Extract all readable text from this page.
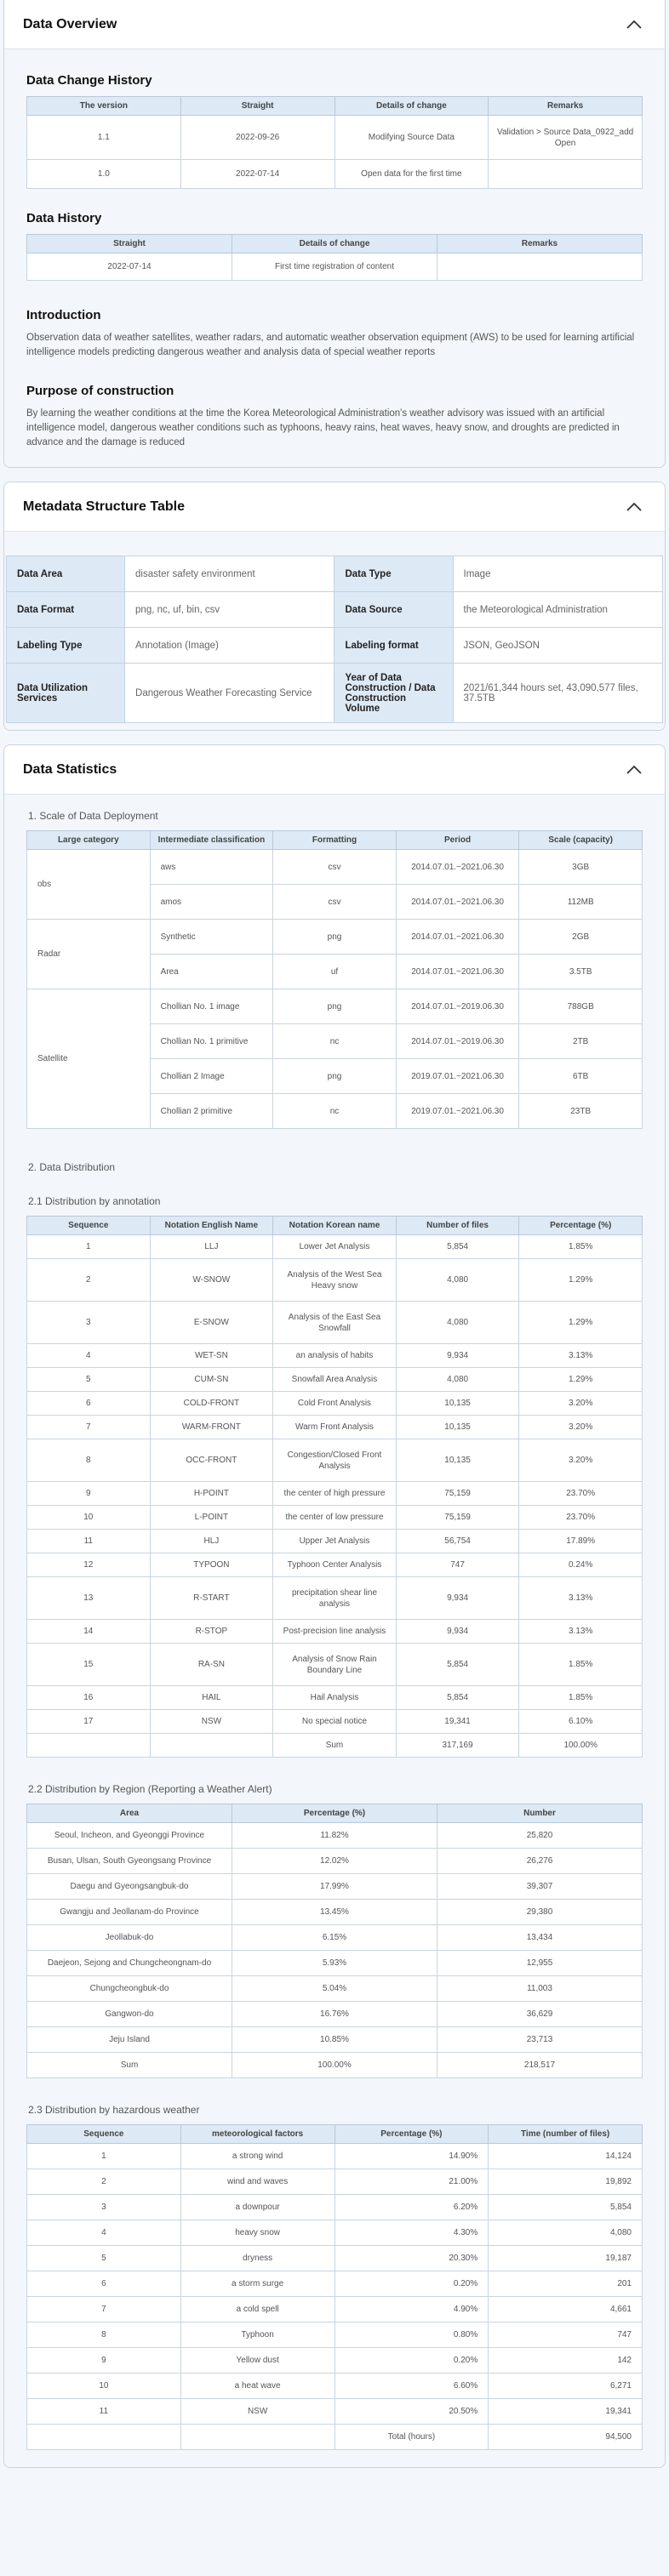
Data Overview
Data Change History
The version	Straight	Details of change	Remarks
1.1	2022-09-26	Modifying Source Data	Validation > Source Data_0922_add Open
1.0	2022-07-14	Open data for the first time	
Data History
Straight	Details of change	Remarks
2022-07-14	First time registration of content	
Introduction

Observation data of weather satellites, weather radars, and automatic weather observation equipment (AWS) to be used for learning artificial intelligence models predicting dangerous weather and analysis data of special weather reports

Purpose of construction

By learning the weather conditions at the time the Korea Meteorological Administration's weather advisory was issued with an artificial intelligence model, dangerous weather conditions such as typhoons, heavy rains, heat waves, heavy snow, and droughts are predicted in advance and the damage is reduced

Metadata Structure Table
Data Area	disaster safety environment	Data Type	Image
Data Format	png, nc, uf, bin, csv	Data Source	the Meteorological Administration
Labeling Type	Annotation (Image)	Labeling format	JSON, GeoJSON
Data Utilization Services	Dangerous Weather Forecasting Service	Year of Data Construction / Data Construction Volume	2021/61,344 hours set, 43,090,577 files, 37.5TB
Data Statistics
1. Scale of Data Deployment
Large category	Intermediate classification	Formatting	Period	Scale (capacity)
obs	aws	csv	2014.07.01.~2021.06.30	3GB
	amos	csv	2014.07.01.~2021.06.30	112MB
Radar	Synthetic	png	2014.07.01.~2021.06.30	2GB
	Area	uf	2014.07.01.~2021.06.30	3.5TB
Satellite	Chollian No. 1 image	png	2014.07.01.~2019.06.30	788GB
	Chollian No. 1 primitive	nc	2014.07.01.~2019.06.30	2TB
	Chollian 2 Image	png	2019.07.01.~2021.06.30	6TB
	Chollian 2 primitive	nc	2019.07.01.~2021.06.30	23TB
2. Data Distribution
2.1 Distribution by annotation
Sequence	Notation English Name	Notation Korean name	Number of files	Percentage (%)
1	LLJ	Lower Jet Analysis	5,854	1.85%
2	W-SNOW	Analysis of the West Sea Heavy snow	4,080	1.29%
3	E-SNOW	Analysis of the East Sea Snowfall	4,080	1.29%
4	WET-SN	an analysis of habits	9,934	3.13%
5	CUM-SN	Snowfall Area Analysis	4,080	1.29%
6	COLD-FRONT	Cold Front Analysis	10,135	3.20%
7	WARM-FRONT	Warm Front Analysis	10,135	3.20%
8	OCC-FRONT	Congestion/Closed Front Analysis	10,135	3.20%
9	H-POINT	the center of high pressure	75,159	23.70%
10	L-POINT	the center of low pressure	75,159	23.70%
11	HLJ	Upper Jet Analysis	56,754	17.89%
12	TYPOON	Typhoon Center Analysis	747	0.24%
13	R-START	precipitation shear line analysis	9,934	3.13%
14	R-STOP	Post-precision line analysis	9,934	3.13%
15	RA-SN	Analysis of Snow Rain Boundary Line	5,854	1.85%
16	HAIL	Hail Analysis	5,854	1.85%
17	NSW	No special notice	19,341	6.10%
		Sum	317,169	100.00%
2.2 Distribution by Region (Reporting a Weather Alert)
Area	Percentage (%)	Number
Seoul, Incheon, and Gyeonggi Province	11.82%	25,820
Busan, Ulsan, South Gyeongsang Province	12.02%	26,276
Daegu and Gyeongsangbuk-do	17.99%	39,307
Gwangju and Jeollanam-do Province	13.45%	29,380
Jeollabuk-do	6.15%	13,434
Daejeon, Sejong and Chungcheongnam-do	5.93%	12,955
Chungcheongbuk-do	5.04%	11,003
Gangwon-do	16.76%	36,629
Jeju Island	10.85%	23,713
Sum	100.00%	218,517
2.3 Distribution by hazardous weather
Sequence	meteorological factors	Percentage (%)	Time (number of files)
1	a strong wind	14.90%	14,124
2	wind and waves	21.00%	19,892
3	a downpour	6.20%	5,854
4	heavy snow	4.30%	4,080
5	dryness	20.30%	19,187
6	a storm surge	0.20%	201
7	a cold spell	4.90%	4,661
8	Typhoon	0.80%	747
9	Yellow dust	0.20%	142
10	a heat wave	6.60%	6,271
11	NSW	20.50%	19,341
		Total (hours)	94,500
